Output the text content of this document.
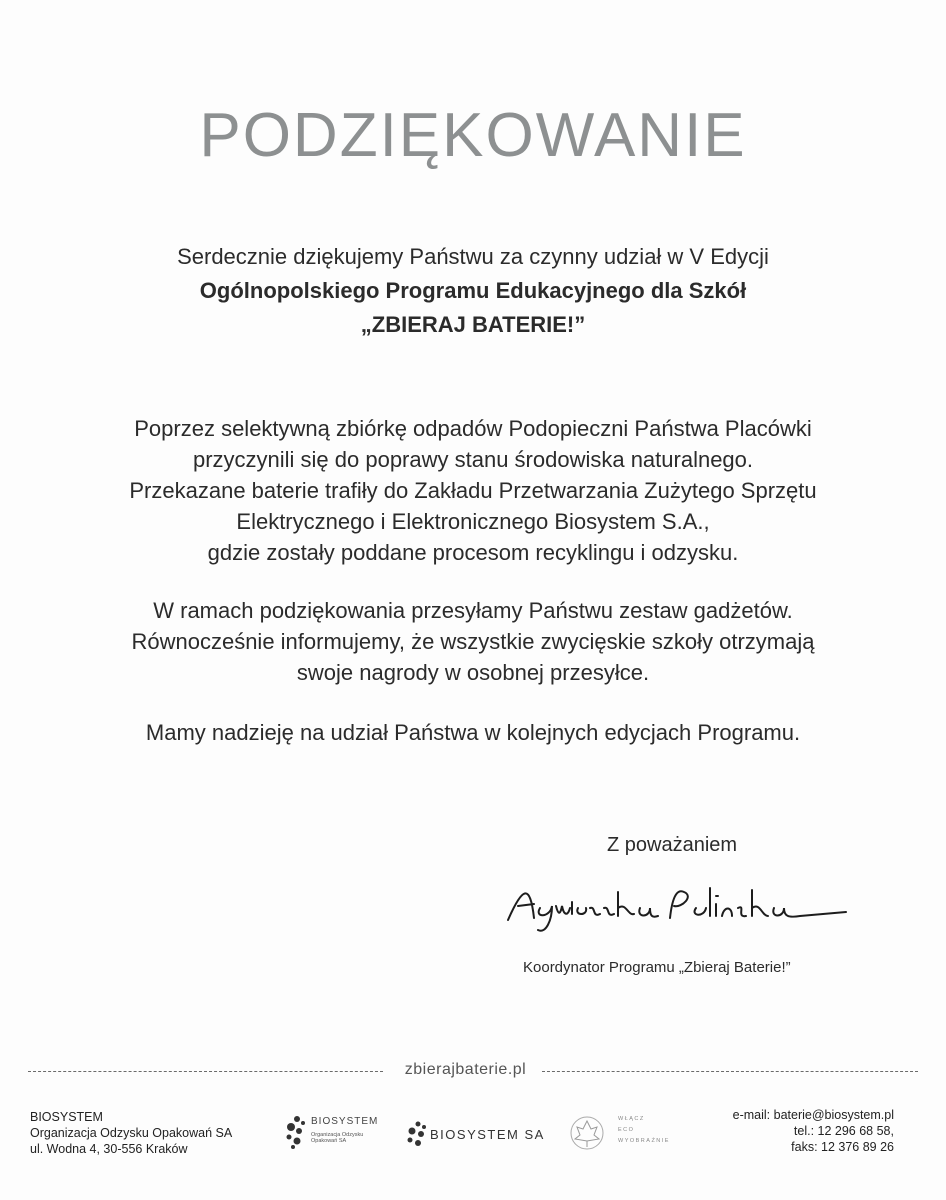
PODZIĘKOWANIE
Serdecznie dziękujemy Państwu za czynny udział w V Edycji
Ogólnopolskiego Programu Edukacyjnego dla Szkół
„ZBIERAJ BATERIE!”
Poprzez selektywną zbiórkę odpadów Podopieczni Państwa Placówki
przyczynili się do poprawy stanu środowiska naturalnego.
Przekazane baterie trafiły do Zakładu Przetwarzania Zużytego Sprzętu
Elektrycznego i Elektronicznego Biosystem S.A.,
gdzie zostały poddane procesom recyklingu i odzysku.
W ramach podziękowania przesyłamy Państwu zestaw gadżetów.
Równocześnie informujemy, że wszystkie zwycięskie szkoły otrzymają
swoje nagrody w osobnej przesyłce.
Mamy nadzieję na udział Państwa w kolejnych edycjach Programu.
Z poważaniem
Koordynator Programu „Zbieraj Baterie!”
zbierajbaterie.pl
BIOSYSTEM
Organizacja Odzysku Opakowań SA
ul. Wodna 4, 30-556 Kraków
BIOSYSTEM
Organizacja Odzysku Opakowań SA	BIOSYSTEM SA
WŁĄCZ
ECO
WYOBRAŹNIE
e-mail: baterie@biosystem.pl
tel.: 12 296 68 58,
faks: 12 376 89 26
